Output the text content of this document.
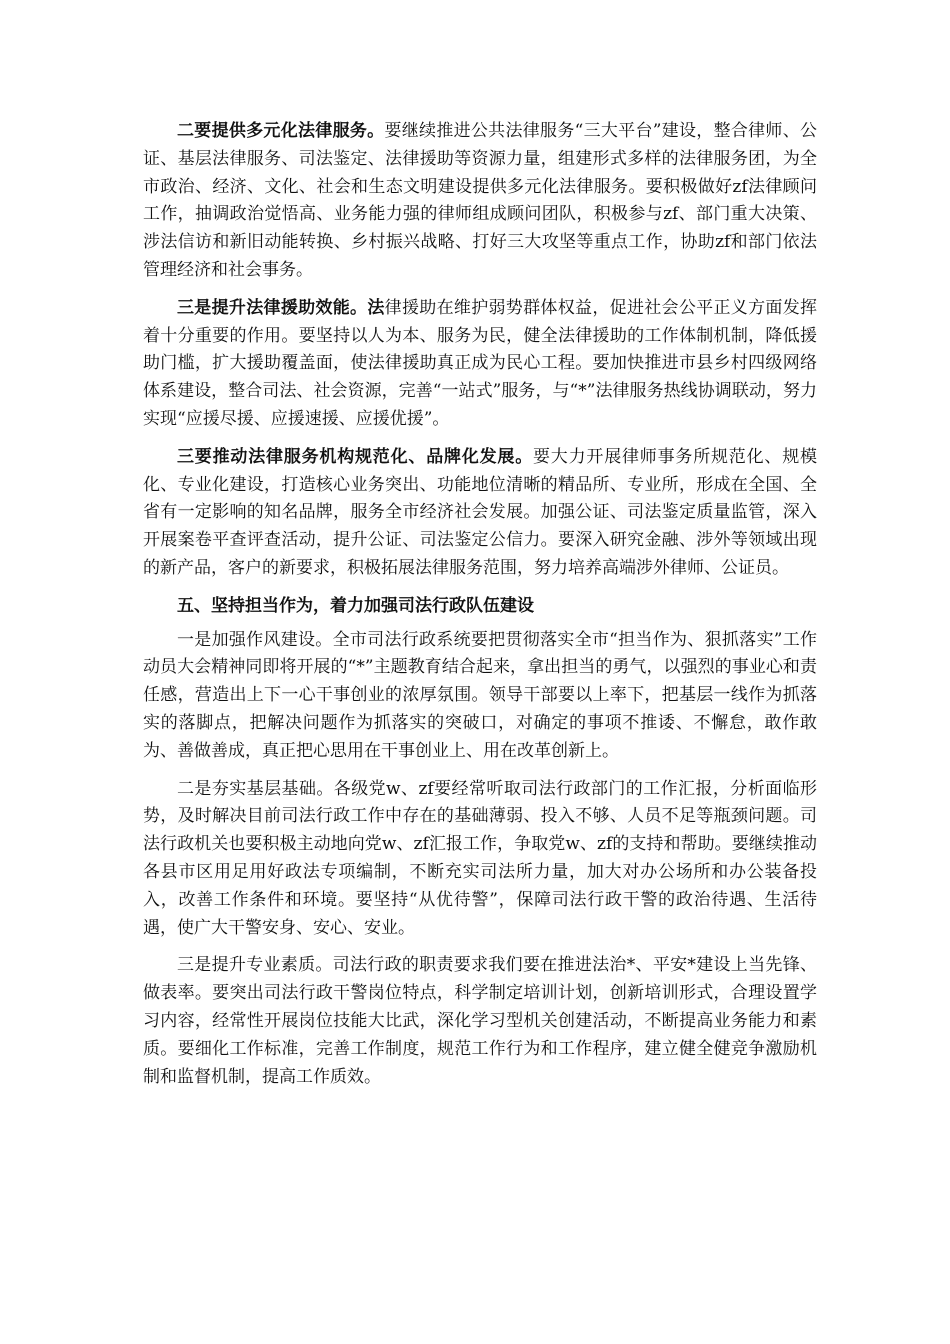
二要提供多元化法律服务。要继续推进公共法律服务“三大平台”建设，整合律师、公证、基层法律服务、司法鉴定、法律援助等资源力量，组建形式多样的法律服务团，为全市政治、经济、文化、社会和生态文明建设提供多元化法律服务。要积极做好zf法律顾问工作，抽调政治觉悟高、业务能力强的律师组成顾问团队，积极参与zf、部门重大决策、涉法信访和新旧动能转换、乡村振兴战略、打好三大攻坚等重点工作，协助zf和部门依法管理经济和社会事务。

三是提升法律援助效能。法律援助在维护弱势群体权益，促进社会公平正义方面发挥着十分重要的作用。要坚持以人为本、服务为民，健全法律援助的工作体制机制，降低援助门槛，扩大援助覆盖面，使法律援助真正成为民心工程。要加快推进市县乡村四级网络体系建设，整合司法、社会资源，完善“一站式”服务，与“*”法律服务热线协调联动，努力实现“应援尽援、应援速援、应援优援”。

三要推动法律服务机构规范化、品牌化发展。要大力开展律师事务所规范化、规模化、专业化建设，打造核心业务突出、功能地位清晰的精品所、专业所，形成在全国、全省有一定影响的知名品牌，服务全市经济社会发展。加强公证、司法鉴定质量监管，深入开展案卷平查评查活动，提升公证、司法鉴定公信力。要深入研究金融、涉外等领域出现的新产品，客户的新要求，积极拓展法律服务范围，努力培养高端涉外律师、公证员。

五、坚持担当作为，着力加强司法行政队伍建设

一是加强作风建设。全市司法行政系统要把贯彻落实全市“担当作为、狠抓落实”工作动员大会精神同即将开展的“*”主题教育结合起来，拿出担当的勇气，以强烈的事业心和责任感，营造出上下一心干事创业的浓厚氛围。领导干部要以上率下，把基层一线作为抓落实的落脚点，把解决问题作为抓落实的突破口，对确定的事项不推诿、不懈怠，敢作敢为、善做善成，真正把心思用在干事创业上、用在改革创新上。

二是夯实基层基础。各级党w、zf要经常听取司法行政部门的工作汇报，分析面临形势，及时解决目前司法行政工作中存在的基础薄弱、投入不够、人员不足等瓶颈问题。司法行政机关也要积极主动地向党w、zf汇报工作，争取党w、zf的支持和帮助。要继续推动各县市区用足用好政法专项编制，不断充实司法所力量，加大对办公场所和办公装备投入，改善工作条件和环境。要坚持“从优待警”，保障司法行政干警的政治待遇、生活待遇，使广大干警安身、安心、安业。

三是提升专业素质。司法行政的职责要求我们要在推进法治*、平安*建设上当先锋、做表率。要突出司法行政干警岗位特点，科学制定培训计划，创新培训形式，合理设置学习内容，经常性开展岗位技能大比武，深化学习型机关创建活动，不断提高业务能力和素质。要细化工作标准，完善工作制度，规范工作行为和工作程序，建立健全健竞争激励机制和监督机制，提高工作质效。
